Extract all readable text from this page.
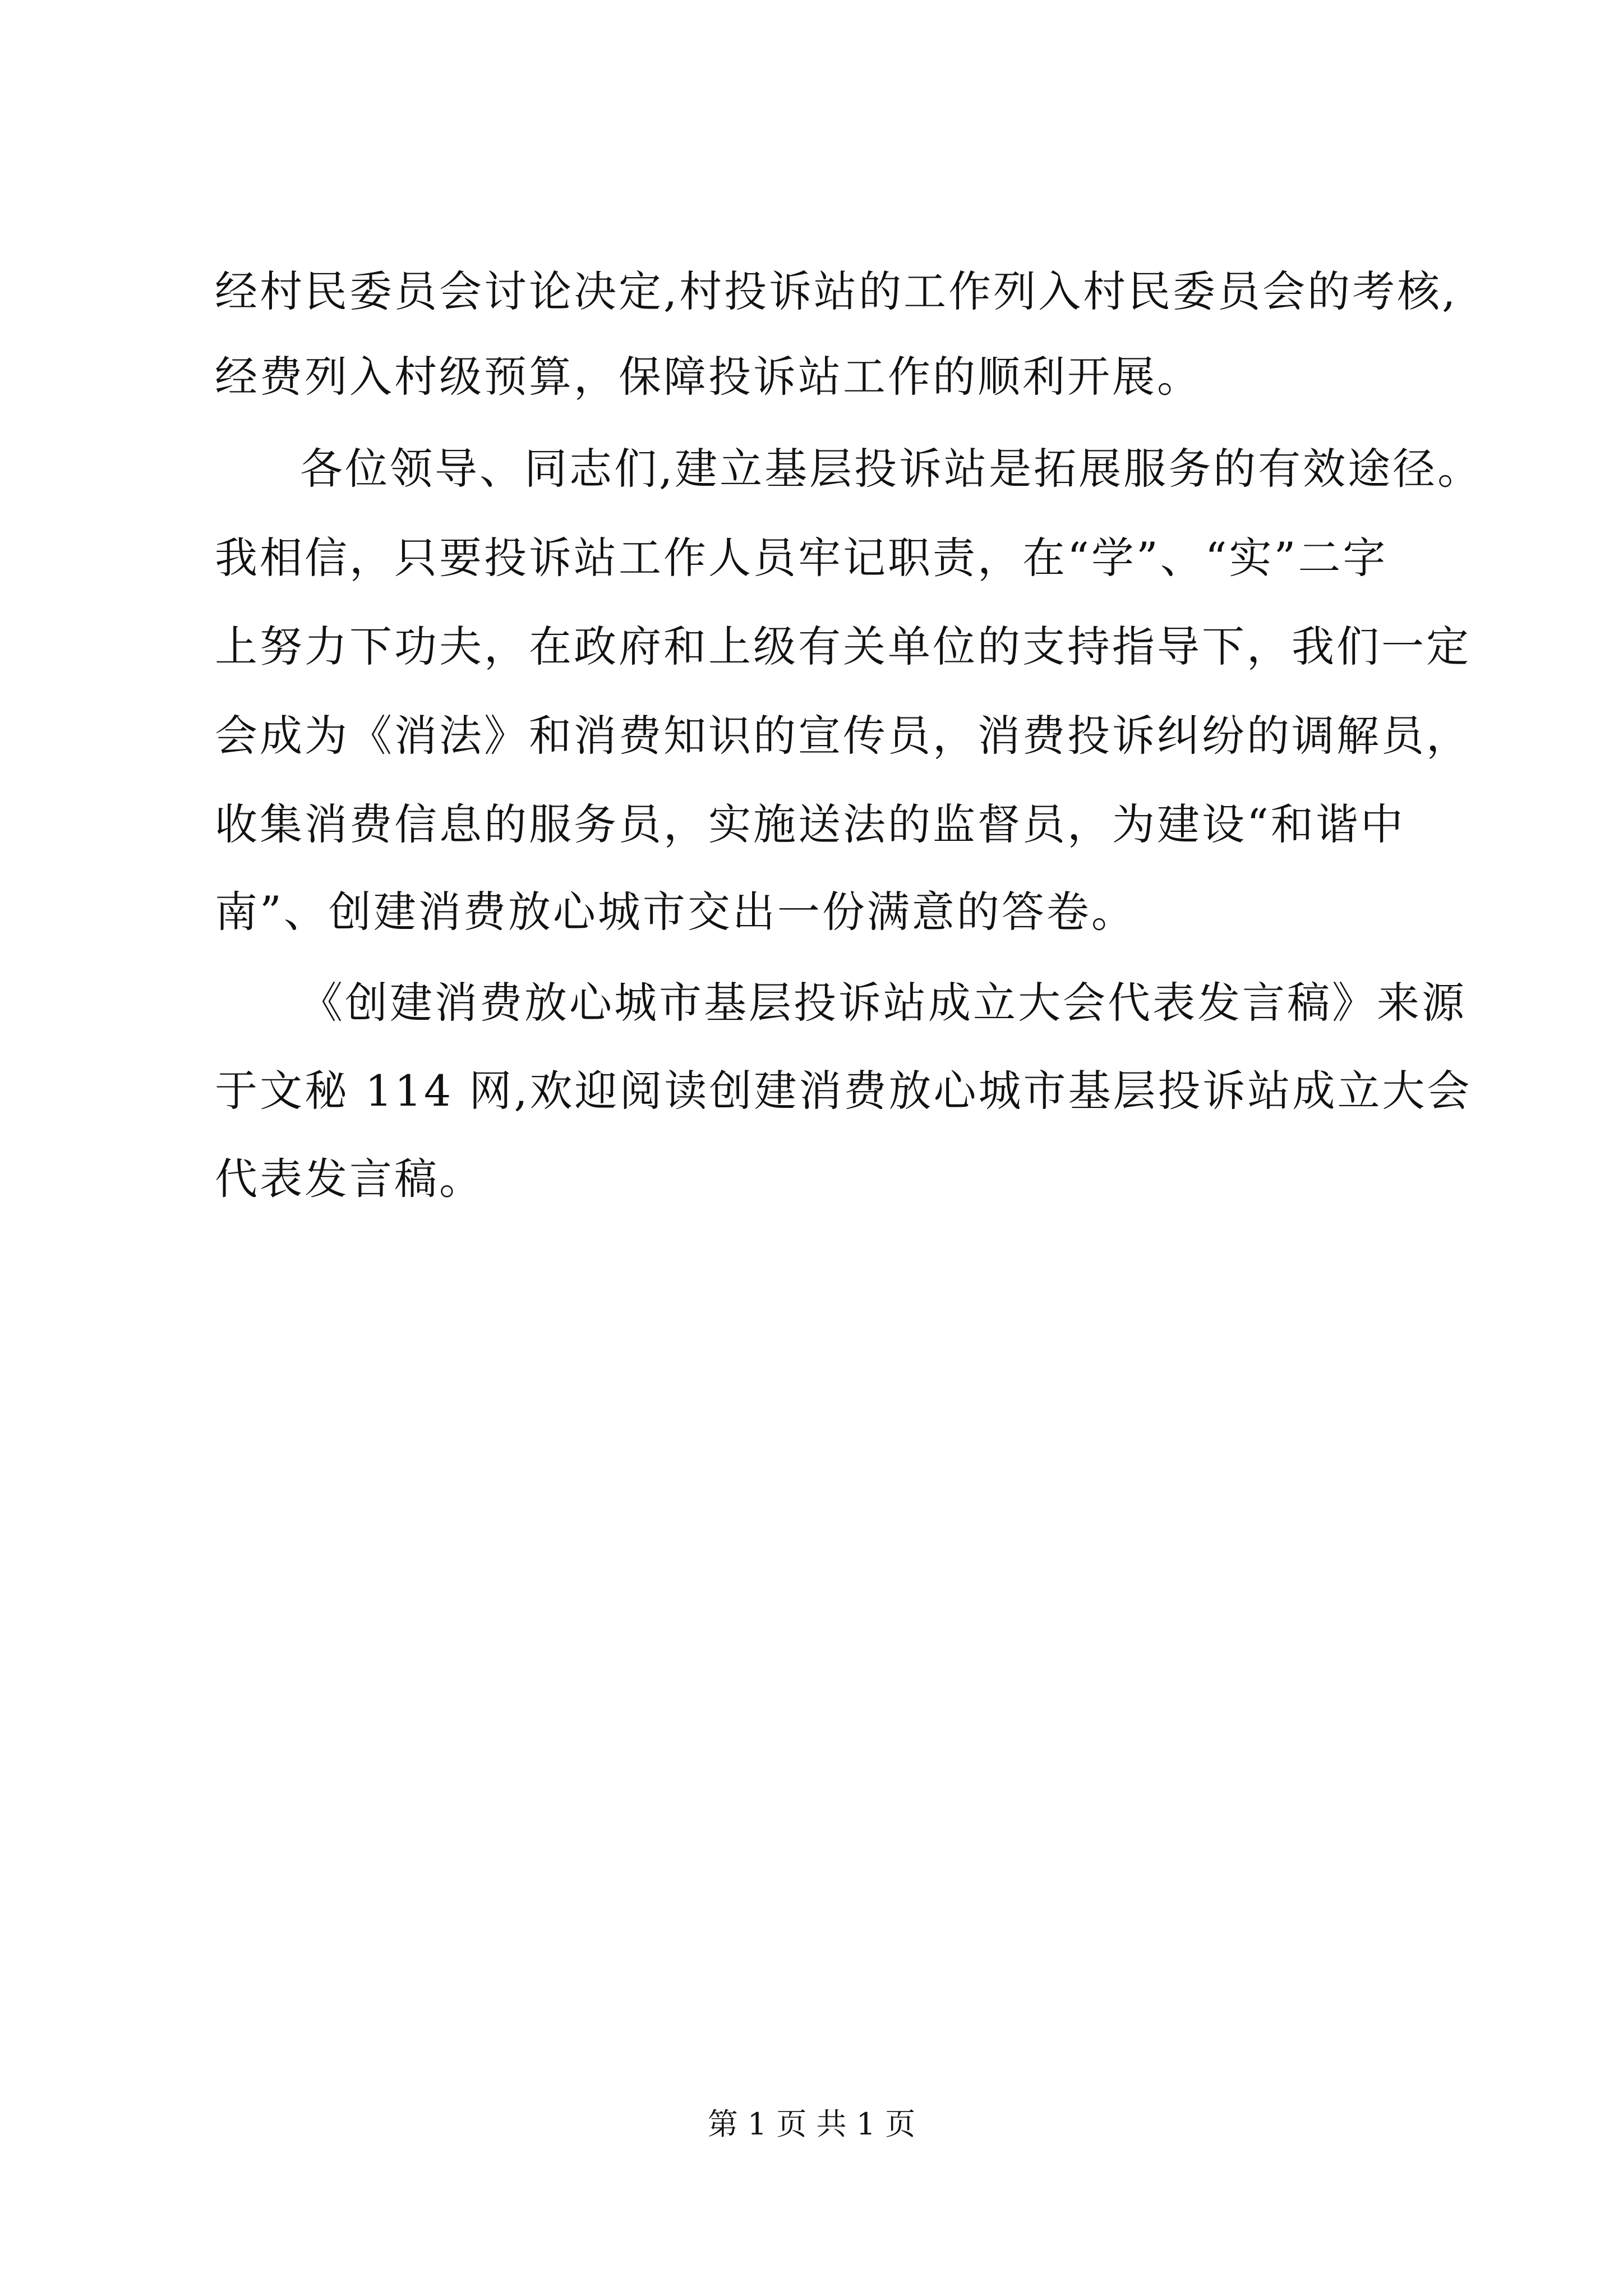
经村民委员会讨论决定,村投诉站的工作列入村民委员会的考核,
经费列入村级预算，保障投诉站工作的顺利开展。
各位领导、同志们,建立基层投诉站是拓展服务的有效途径。
我相信，只要投诉站工作人员牢记职责，在“学”、“实”二字
上努力下功夫，在政府和上级有关单位的支持指导下，我们一定
会成为《消法》和消费知识的宣传员，消费投诉纠纷的调解员，
收集消费信息的服务员，实施送法的监督员，为建设“和谐中
南”、创建消费放心城市交出一份满意的答卷。
《创建消费放心城市基层投诉站成立大会代表发言稿》来源
于文秘 114 网,欢迎阅读创建消费放心城市基层投诉站成立大会
代表发言稿。
第 1 页 共 1 页
